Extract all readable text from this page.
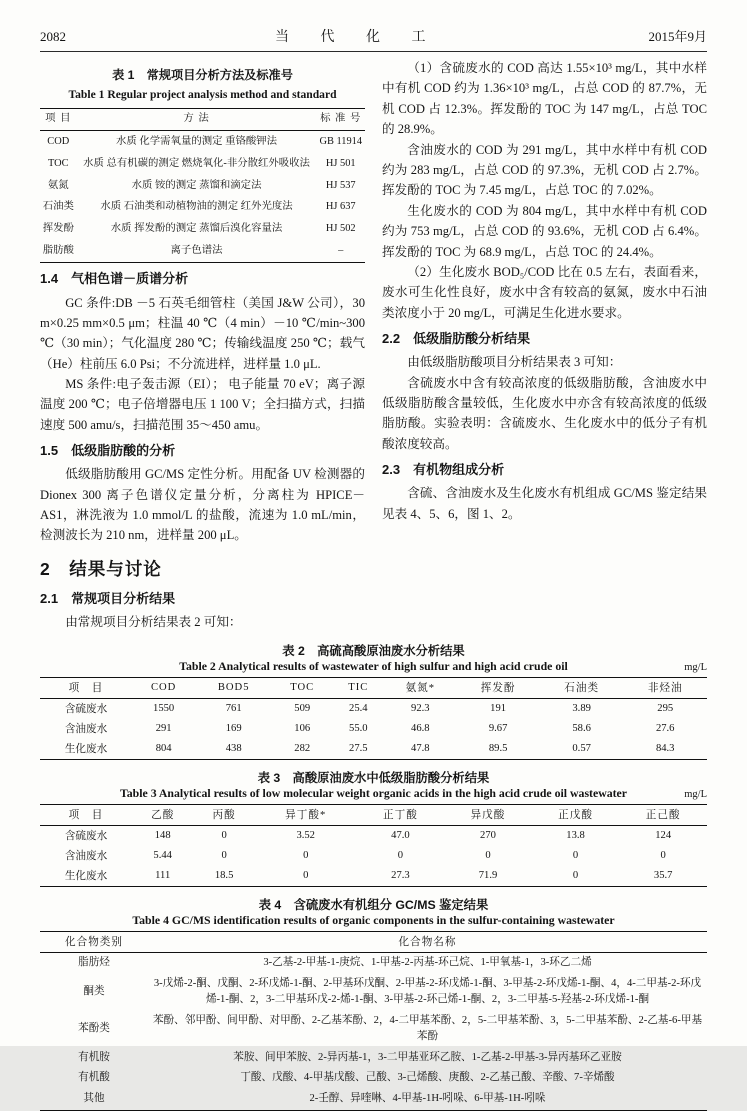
2082	当 代 化 工	2015年9月
表 1　常规项目分析方法及标准号
Table 1 Regular project analysis method and standard
项 目	方 法	标 准 号
COD	水质 化学需氧量的测定 重铬酸钾法	GB 11914
TOC	水质 总有机碳的测定 燃烧氧化-非分散红外吸收法	HJ 501
氨氮	水质 铵的测定 蒸馏和滴定法	HJ 537
石油类	水质 石油类和动植物油的测定 红外光度法	HJ 637
挥发酚	水质 挥发酚的测定 蒸馏后溴化容量法	HJ 502
脂肪酸	离子色谱法	–

1.4　气相色谱－质谱分析

GC 条件:DB －5 石英毛细管柱（美国 J&W 公司），30 m×0.25 mm×0.5 μm；柱温 40 ℃（4 min）－10 ℃/min~300 ℃（30 min）；气化温度 280 ℃；传输线温度 250 ℃；载气（He）柱前压 6.0 Psi；不分流进样，进样量 1.0 μL.

MS 条件:电子轰击源（EI）； 电子能量 70 eV；离子源温度 200 ℃；电子倍增器电压 1 100 V；全扫描方式，扫描速度 500 amu/s，扫描范围 35～450 amu。

1.5　低级脂肪酸的分析

低级脂肪酸用 GC/MS 定性分析。用配备 UV 检测器的 Dionex 300 离子色谱仪定量分析，分离柱为 HPICE－AS1，淋洗液为 1.0 mmol/L 的盐酸，流速为 1.0 mL/min，检测波长为 210 nm，进样量 200 μL。

2　结果与讨论

2.1　常规项目分析结果

由常规项目分析结果表 2 可知：

（1）含硫废水的 COD 高达 1.55×10³ mg/L，其中水样中有机 COD 约为 1.36×10³ mg/L，占总 COD 的 87.7%，无机 COD 占 12.3%。挥发酚的 TOC 为 147 mg/L，占总 TOC 的 28.9%。

含油废水的 COD 为 291 mg/L，其中水样中有机 COD 约为 283 mg/L，占总 COD 的 97.3%，无机 COD 占 2.7%。挥发酚的 TOC 为 7.45 mg/L，占总 TOC 的 7.02%。

生化废水的 COD 为 804 mg/L，其中水样中有机 COD 约为 753 mg/L，占总 COD 的 93.6%，无机 COD 占 6.4%。挥发酚的 TOC 为 68.9 mg/L，占总 TOC 的 24.4%。

（2）生化废水 BOD₅/COD 比在 0.5 左右，表面看来，废水可生化性良好，废水中含有较高的氨氮，废水中石油类浓度小于 20 mg/L，可满足生化进水要求。

2.2　低级脂肪酸分析结果

由低级脂肪酸项目分析结果表 3 可知：

含硫废水中含有较高浓度的低级脂肪酸，含油废水中低级脂肪酸含量较低，生化废水中亦含有较高浓度的低级脂肪酸。实验表明：含硫废水、生化废水中的低分子有机酸浓度较高。

2.3　有机物组成分析

含硫、含油废水及生化废水有机组成 GC/MS 鉴定结果见表 4、5、6，图 1、2。

表 2　高硫高酸原油废水分析结果
Table 2 Analytical results of wastewater of high sulfur and high acid crude oil	mg/L
项　目	COD	BOD5	TOC	TIC	氨氮*	挥发酚	石油类	非烃油
含硫废水	1550	761	509	25.4	92.3	191	3.89	295
含油废水	291	169	106	55.0	46.8	9.67	58.6	27.6
生化废水	804	438	282	27.5	47.8	89.5	0.57	84.3
表 3　高酸原油废水中低级脂肪酸分析结果
Table 3 Analytical results of low molecular weight organic acids in the high acid crude oil wastewater	mg/L
项　目	乙酸	丙酸	异丁酸*	正丁酸	异戊酸	正戊酸	正己酸
含硫废水	148	0	3.52	47.0	270	13.8	124
含油废水	5.44	0	0	0	0	0	0
生化废水	111	18.5	0	27.3	71.9	0	35.7
表 4　含硫废水有机组分 GC/MS 鉴定结果
Table 4 GC/MS identification results of organic components in the sulfur-containing wastewater
化合物类别	化合物名称
脂肪烃	3-乙基-2-甲基-1-庚烷、1-甲基-2-丙基-环己烷、1-甲氧基-1，3-环乙二烯
酮类	3-戊烯-2-酮、戊酮、2-环戊烯-1-酮、2-甲基环戊酮、2-甲基-2-环戊烯-1-酮、3-甲基-2-环戊烯-1-酮、4，4-二甲基-2-环戊烯-1-酮、2，3-二甲基环戊-2-烯-1-酮、3-甲基-2-环己烯-1-酮、2，3-二甲基-5-羟基-2-环戊烯-1-酮
苯酚类	苯酚、邻甲酚、间甲酚、对甲酚、2-乙基苯酚、2，4-二甲基苯酚、2，5-二甲基苯酚、3，5-二甲基苯酚、2-乙基-6-甲基苯酚
有机胺	苯胺、间甲苯胺、2-异丙基-1，3-二甲基亚环乙胺、1-乙基-2-甲基-3-异丙基环乙亚胺
有机酸	丁酸、戊酸、4-甲基戊酸、己酸、3-己烯酸、庚酸、2-乙基己酸、辛酸、7-辛烯酸
其他	2-壬醇、异喹啉、4-甲基-1H-吲哚、6-甲基-1H-吲哚
